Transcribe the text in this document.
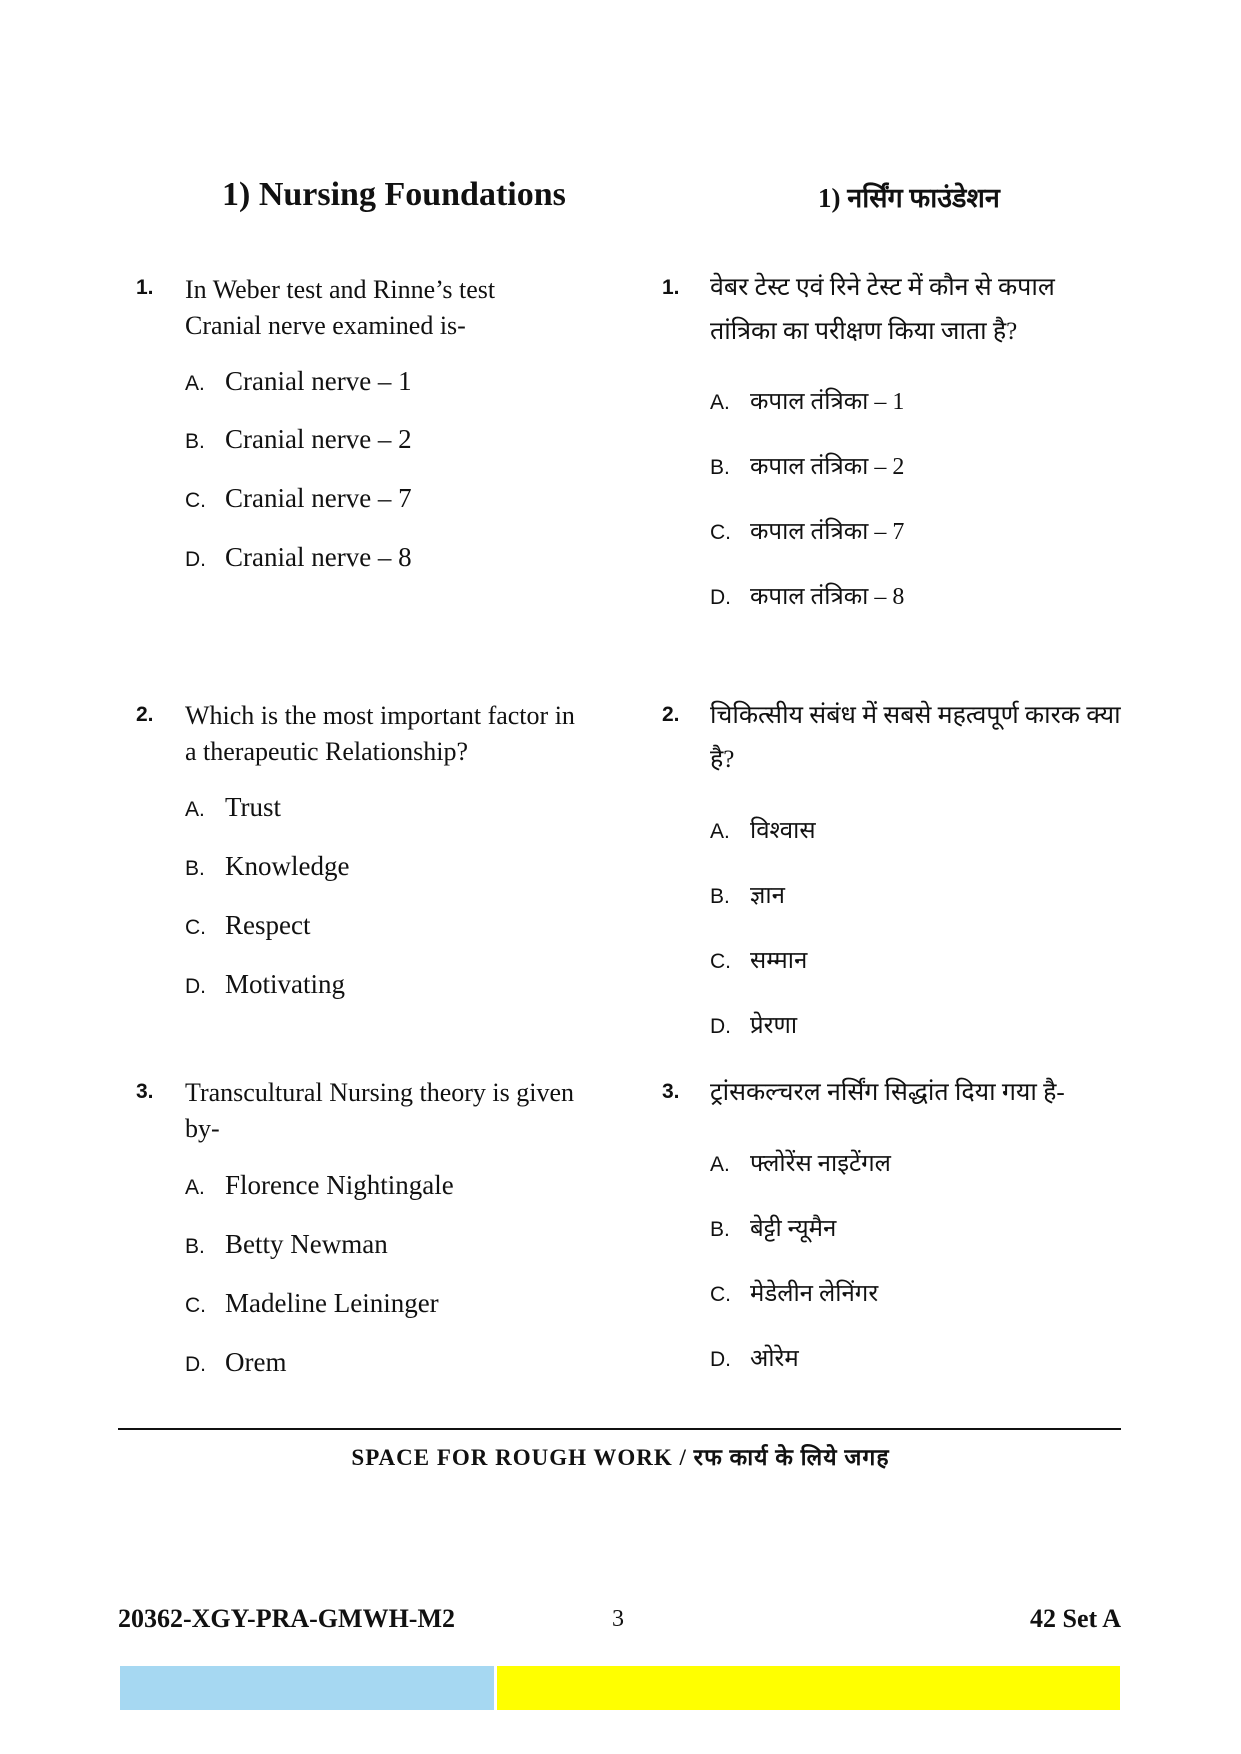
1) Nursing Foundations	1) नर्सिंग फाउंडेशन
1. In Weber test and Rinne’s test
Cranial nerve examined is-
A. Cranial nerve – 1
B. Cranial nerve – 2
C. Cranial nerve – 7
D. Cranial nerve – 8
1. वेबर टेस्ट एवं रिने टेस्ट में कौन से कपाल
तांत्रिका का परीक्षण किया जाता है?
A. कपाल तंत्रिका – 1
B. कपाल तंत्रिका – 2
C. कपाल तंत्रिका – 7
D. कपाल तंत्रिका – 8
2. Which is the most important factor in
a therapeutic Relationship?
A. Trust
B. Knowledge
C. Respect
D. Motivating
2. चिकित्सीय संबंध में सबसे महत्वपूर्ण कारक क्या
है?
A. विश्वास
B. ज्ञान
C. सम्मान
D. प्रेरणा
3. Transcultural Nursing theory is given
by-
A. Florence Nightingale
B. Betty Newman
C. Madeline Leininger
D. Orem
3. ट्रांसकल्चरल नर्सिंग सिद्धांत दिया गया है-
A. फ्लोरेंस नाइटेंगल
B. बेट्टी न्यूमैन
C. मेडेलीन लेनिंगर
D. ओरेम
SPACE FOR ROUGH WORK / रफ कार्य के लिये जगह
20362-XGY-PRA-GMWH-M2	3	42 Set A
